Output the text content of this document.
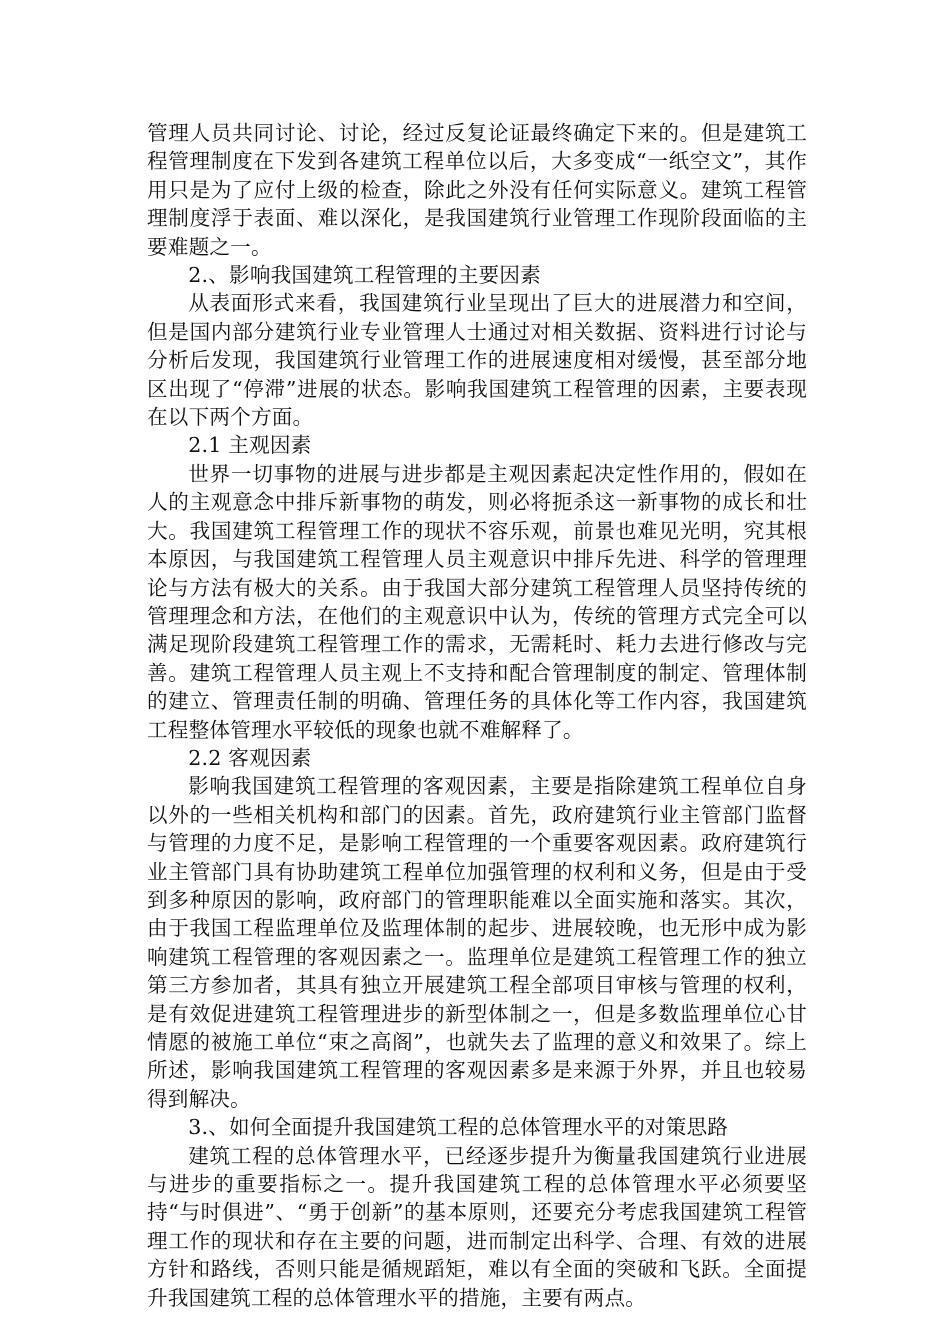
管理人员共同讨论、讨论，经过反复论证最终确定下来的。但是建筑工程管理制度在下发到各建筑工程单位以后，大多变成“一纸空文”，其作用只是为了应付上级的检查，除此之外没有任何实际意义。建筑工程管理制度浮于表面、难以深化，是我国建筑行业管理工作现阶段面临的主要难题之一。

2.、影响我国建筑工程管理的主要因素

从表面形式来看，我国建筑行业呈现出了巨大的进展潜力和空间，但是国内部分建筑行业专业管理人士通过对相关数据、资料进行讨论与分析后发现，我国建筑行业管理工作的进展速度相对缓慢，甚至部分地区出现了“停滞”进展的状态。影响我国建筑工程管理的因素，主要表现在以下两个方面。

2.1 主观因素

世界一切事物的进展与进步都是主观因素起决定性作用的，假如在人的主观意念中排斥新事物的萌发，则必将扼杀这一新事物的成长和壮大。我国建筑工程管理工作的现状不容乐观，前景也难见光明，究其根本原因，与我国建筑工程管理人员主观意识中排斥先进、科学的管理理论与方法有极大的关系。由于我国大部分建筑工程管理人员坚持传统的管理理念和方法，在他们的主观意识中认为，传统的管理方式完全可以满足现阶段建筑工程管理工作的需求，无需耗时、耗力去进行修改与完善。建筑工程管理人员主观上不支持和配合管理制度的制定、管理体制的建立、管理责任制的明确、管理任务的具体化等工作内容，我国建筑工程整体管理水平较低的现象也就不难解释了。

2.2 客观因素

影响我国建筑工程管理的客观因素，主要是指除建筑工程单位自身以外的一些相关机构和部门的因素。首先，政府建筑行业主管部门监督与管理的力度不足，是影响工程管理的一个重要客观因素。政府建筑行业主管部门具有协助建筑工程单位加强管理的权利和义务，但是由于受到多种原因的影响，政府部门的管理职能难以全面实施和落实。其次，由于我国工程监理单位及监理体制的起步、进展较晚，也无形中成为影响建筑工程管理的客观因素之一。监理单位是建筑工程管理工作的独立第三方参加者，其具有独立开展建筑工程全部项目审核与管理的权利，是有效促进建筑工程管理进步的新型体制之一，但是多数监理单位心甘情愿的被施工单位“束之高阁”，也就失去了监理的意义和效果了。综上所述，影响我国建筑工程管理的客观因素多是来源于外界，并且也较易得到解决。

3.、如何全面提升我国建筑工程的总体管理水平的对策思路

建筑工程的总体管理水平，已经逐步提升为衡量我国建筑行业进展与进步的重要指标之一。提升我国建筑工程的总体管理水平必须要坚持“与时俱进”、“勇于创新”的基本原则，还要充分考虑我国建筑工程管理工作的现状和存在主要的问题，进而制定出科学、合理、有效的进展方针和路线，否则只能是循规蹈矩，难以有全面的突破和飞跃。全面提升我国建筑工程的总体管理水平的措施，主要有两点。
